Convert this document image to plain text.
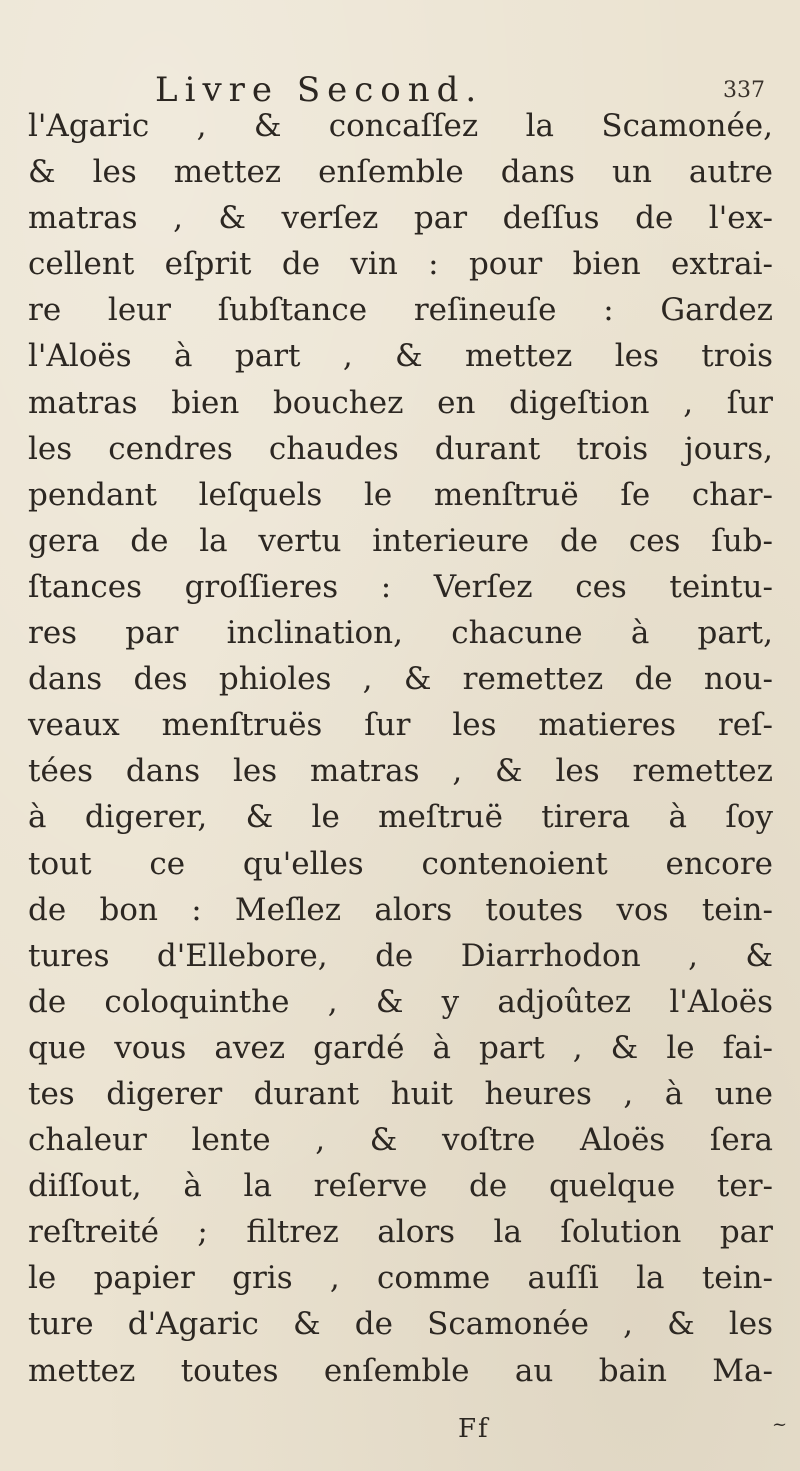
Livre Second.	337
l'Agaric , & concaſſez la Scamonée,
& les mettez enſemble dans un autre
matras , & verſez par deſſus de l'ex-
cellent eſprit de vin : pour bien extrai-
re leur ſubſtance reſineuſe : Gardez
l'Aloës à part , & mettez les trois
matras bien bouchez en digeſtion , ſur
les cendres chaudes durant trois jours,
pendant leſquels le menſtruë ſe char-
gera de la vertu interieure de ces ſub-
ſtances groſſieres : Verſez ces teintu-
res par inclination, chacune à part,
dans des phioles , & remettez de nou-
veaux menſtruës ſur les matieres reſ-
tées dans les matras , & les remettez
à digerer, & le meſtruë tirera à ſoy
tout ce qu'elles contenoient encore
de bon : Meſlez alors toutes vos tein-
tures d'Ellebore, de Diarrhodon , &
de coloquinthe , & y adjoûtez l'Aloës
que vous avez gardé à part , & le fai-
tes digerer durant huit heures , à une
chaleur lente , & voſtre Aloës ſera
diſſout, à la reſerve de quelque ter-
reſtreité ; filtrez alors la ſolution par
le papier gris , comme auſſi la tein-
ture d'Agaric & de Scamonée , & les
mettez toutes enſemble au bain Ma-
Ff	~
